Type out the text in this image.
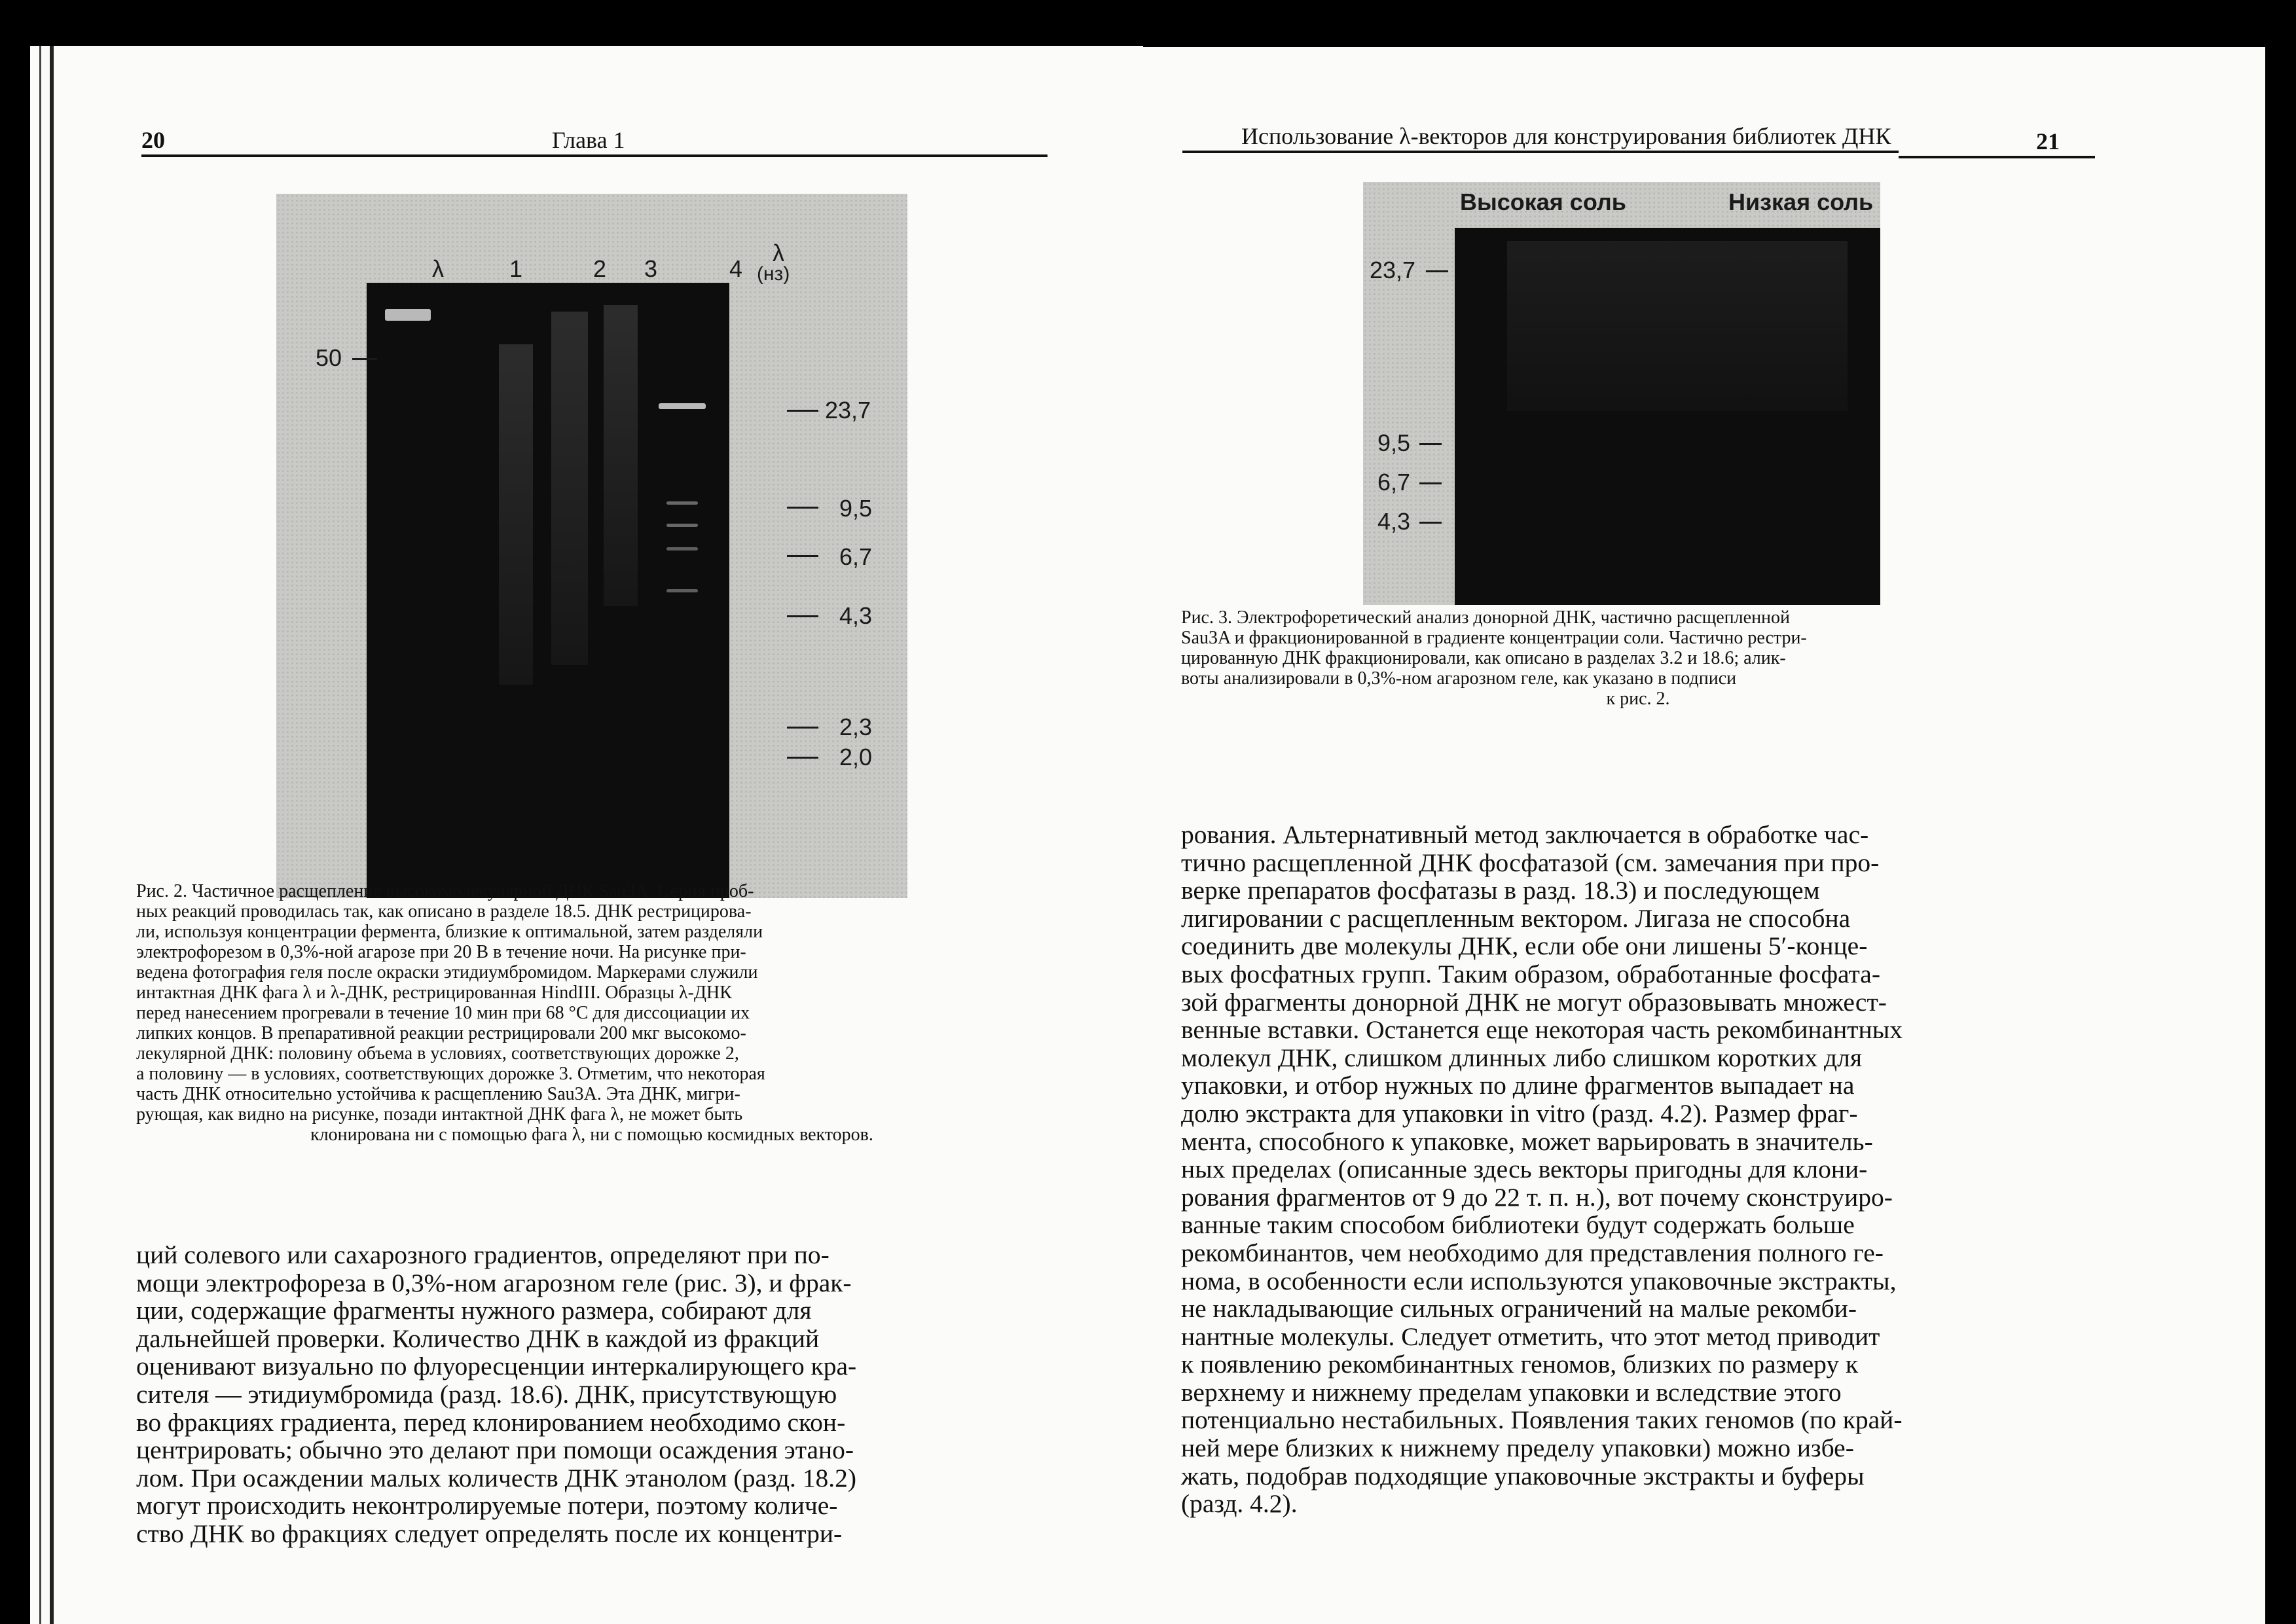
20	Глава 1
λ	1	2 3	4
λ
(нз)
50
23,7
9,5
6,7
4,3
2,3
2,0
Рис. 2. Частичное расщепление высокомолекулярной ДНК Sau3A. Серия проб-
ных реакций проводилась так, как описано в разделе 18.5. ДНК рестрицирова-
ли, используя концентрации фермента, близкие к оптимальной, затем разделяли
электрофорезом в 0,3%-ной агарозе при 20 В в течение ночи. На рисунке при-
ведена фотография геля после окраски этидиумбромидом. Маркерами служили
интактная ДНК фага λ и λ-ДНК, рестрицированная HindIII. Образцы λ-ДНК
перед нанесением прогревали в течение 10 мин при 68 °С для диссоциации их
липких концов. В препаративной реакции рестрицировали 200 мкг высокомо-
лекулярной ДНК: половину объема в условиях, соответствующих дорожке 2,
а половину — в условиях, соответствующих дорожке 3. Отметим, что некоторая
часть ДНК относительно устойчива к расщеплению Sau3A. Эта ДНК, мигри-
рующая, как видно на рисунке, позади интактной ДНК фага λ, не может быть
клонирована ни с помощью фага λ, ни с помощью космидных векторов.
ций солевого или сахарозного градиентов, определяют при по-
мощи электрофореза в 0,3%-ном агарозном геле (рис. 3), и фрак-
ции, содержащие фрагменты нужного размера, собирают для
дальнейшей проверки. Количество ДНК в каждой из фракций
оценивают визуально по флуоресценции интеркалирующего кра-
сителя — этидиумбромида (разд. 18.6). ДНК, присутствующую
во фракциях градиента, перед клонированием необходимо скон-
центрировать; обычно это делают при помощи осаждения этано-
лом. При осаждении малых количеств ДНК этанолом (разд. 18.2)
могут происходить неконтролируемые потери, поэтому количе-
ство ДНК во фракциях следует определять после их концентри-
Использование λ-векторов для конструирования библиотек ДНК	21
Высокая соль	Низкая соль
23,7
9,5
6,7
4,3
Рис. 3. Электрофоретический анализ донорной ДНК, частично расщепленной
Sau3A и фракционированной в градиенте концентрации соли. Частично рестри-
цированную ДНК фракционировали, как описано в разделах 3.2 и 18.6; алик-
воты анализировали в 0,3%-ном агарозном геле, как указано в подписи
к рис. 2.
рования. Альтернативный метод заключается в обработке час-
тично расщепленной ДНК фосфатазой (см. замечания при про-
верке препаратов фосфатазы в разд. 18.3) и последующем
лигировании с расщепленным вектором. Лигаза не способна
соединить две молекулы ДНК, если обе они лишены 5′-конце-
вых фосфатных групп. Таким образом, обработанные фосфата-
зой фрагменты донорной ДНК не могут образовывать множест-
венные вставки. Останется еще некоторая часть рекомбинантных
молекул ДНК, слишком длинных либо слишком коротких для
упаковки, и отбор нужных по длине фрагментов выпадает на
долю экстракта для упаковки in vitro (разд. 4.2). Размер фраг-
мента, способного к упаковке, может варьировать в значитель-
ных пределах (описанные здесь векторы пригодны для клони-
рования фрагментов от 9 до 22 т. п. н.), вот почему сконструиро-
ванные таким способом библиотеки будут содержать больше
рекомбинантов, чем необходимо для представления полного ге-
нома, в особенности если используются упаковочные экстракты,
не накладывающие сильных ограничений на малые рекомби-
нантные молекулы. Следует отметить, что этот метод приводит
к появлению рекомбинантных геномов, близких по размеру к
верхнему и нижнему пределам упаковки и вследствие этого
потенциально нестабильных. Появления таких геномов (по край-
ней мере близких к нижнему пределу упаковки) можно избе-
жать, подобрав подходящие упаковочные экстракты и буферы
(разд. 4.2).
